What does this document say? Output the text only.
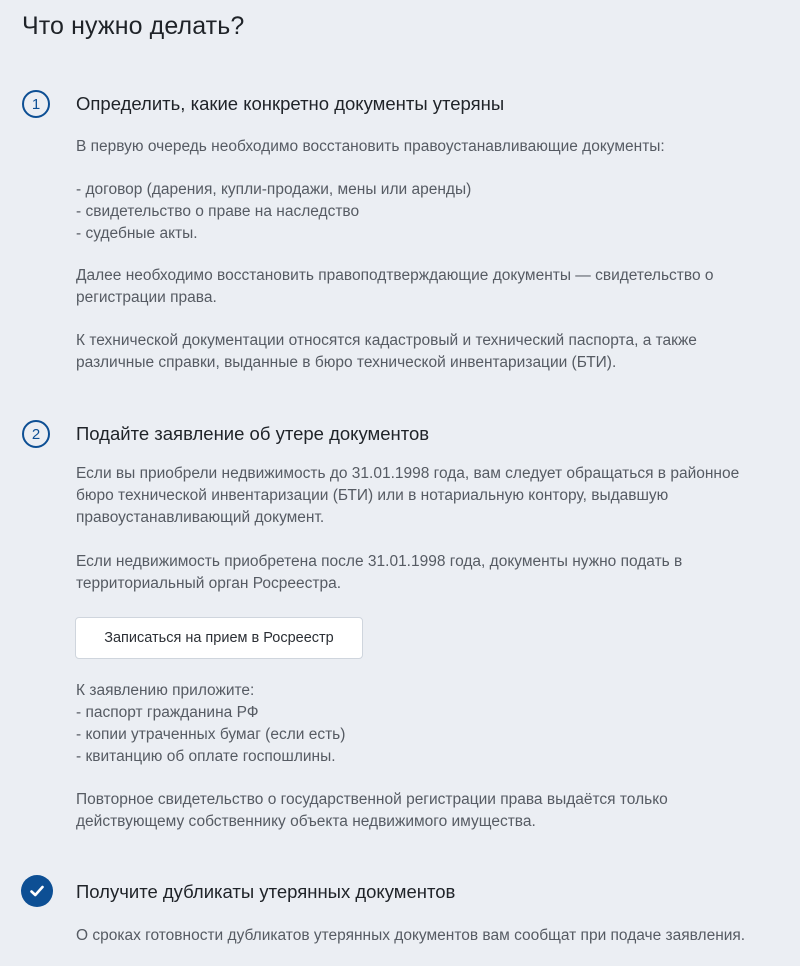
Что нужно делать?
1 Определить, какие конкретно документы утеряны

В первую очередь необходимо восстановить правоустанавливающие документы:

- договор (дарения, купли-продажи, мены или аренды)
- свидетельство о праве на наследство
- судебные акты.

Далее необходимо восстановить правоподтверждающие документы — свидетельство о
регистрации права.

К технической документации относятся кадастровый и технический паспорта, а также
различные справки, выданные в бюро технической инвентаризации (БТИ).

2 Подайте заявление об утере документов

Если вы приобрели недвижимость до 31.01.1998 года, вам следует обращаться в районное
бюро технической инвентаризации (БТИ) или в нотариальную контору, выдавшую
правоустанавливающий документ.

Если недвижимость приобретена после 31.01.1998 года, документы нужно подать в
территориальный орган Росреестра.

Записаться на прием в Росреестр

К заявлению приложите:
- паспорт гражданина РФ
- копии утраченных бумаг (если есть)
- квитанцию об оплате госпошлины.

Повторное свидетельство о государственной регистрации права выдаётся только
действующему собственнику объекта недвижимого имущества.

Получите дубликаты утерянных документов

О сроках готовности дубликатов утерянных документов вам сообщат при подаче заявления.
